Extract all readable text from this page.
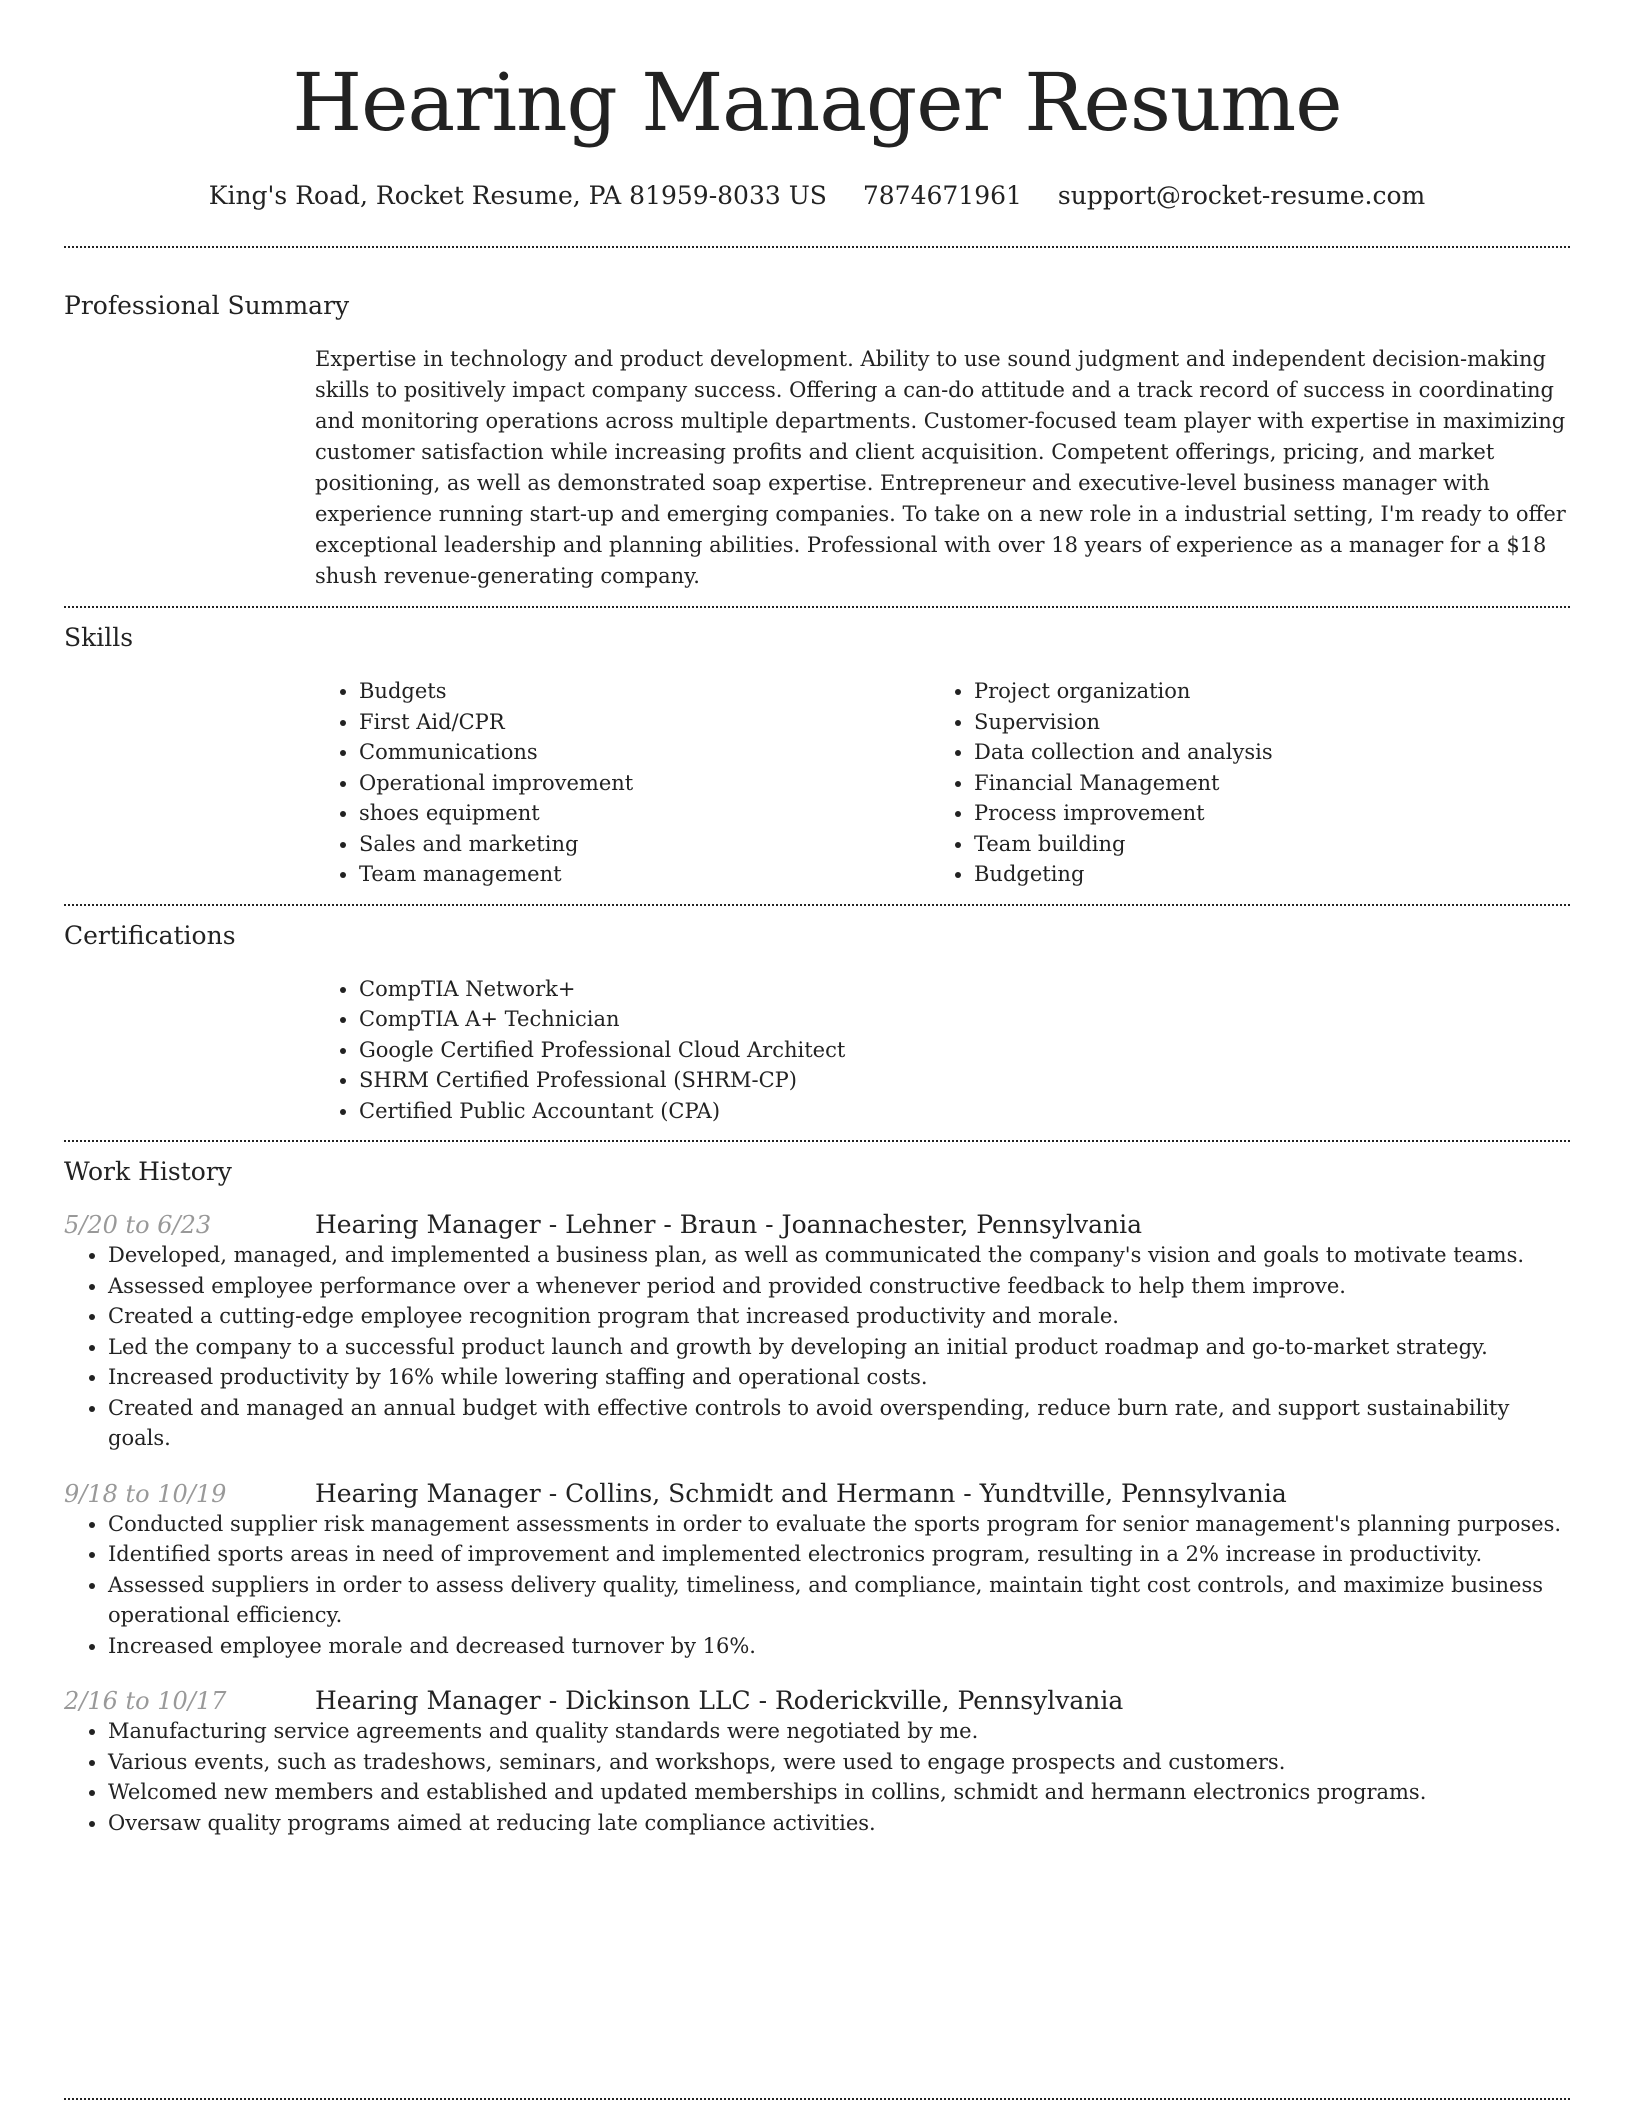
Hearing Manager Resume
King's Road, Rocket Resume, PA 81959-8033 US 7874671961 support@rocket-resume.com
Professional Summary

Expertise in technology and product development. Ability to use sound judgment and independent decision-making skills to positively impact company success. Offering a can-do attitude and a track record of success in coordinating and monitoring operations across multiple departments. Customer-focused team player with expertise in maximizing customer satisfaction while increasing profits and client acquisition. Competent offerings, pricing, and market positioning, as well as demonstrated soap expertise. Entrepreneur and executive-level business manager with experience running start-up and emerging companies. To take on a new role in a industrial setting, I'm ready to offer exceptional leadership and planning abilities. Professional with over 18 years of experience as a manager for a $18 shush revenue-generating company.

Skills
• Budgets
• First Aid/CPR
• Communications
• Operational improvement
• shoes equipment
• Sales and marketing
• Team management
• Project organization
• Supervision
• Data collection and analysis
• Financial Management
• Process improvement
• Team building
• Budgeting
Certifications
• CompTIA Network+
• CompTIA A+ Technician
• Google Certified Professional Cloud Architect
• SHRM Certified Professional (SHRM-CP)
• Certified Public Accountant (CPA)
Work History
5/20 to 6/23	Hearing Manager - Lehner - Braun - Joannachester, Pennsylvania
• Developed, managed, and implemented a business plan, as well as communicated the company's vision and goals to motivate teams.
• Assessed employee performance over a whenever period and provided constructive feedback to help them improve.
• Created a cutting-edge employee recognition program that increased productivity and morale.
• Led the company to a successful product launch and growth by developing an initial product roadmap and go-to-market strategy.
• Increased productivity by 16% while lowering staffing and operational costs.
• Created and managed an annual budget with effective controls to avoid overspending, reduce burn rate, and support sustainability goals.
9/18 to 10/19	Hearing Manager - Collins, Schmidt and Hermann - Yundtville, Pennsylvania
• Conducted supplier risk management assessments in order to evaluate the sports program for senior management's planning purposes.
• Identified sports areas in need of improvement and implemented electronics program, resulting in a 2% increase in productivity.
• Assessed suppliers in order to assess delivery quality, timeliness, and compliance, maintain tight cost controls, and maximize business operational efficiency.
• Increased employee morale and decreased turnover by 16%.
2/16 to 10/17	Hearing Manager - Dickinson LLC - Roderickville, Pennsylvania
• Manufacturing service agreements and quality standards were negotiated by me.
• Various events, such as tradeshows, seminars, and workshops, were used to engage prospects and customers.
• Welcomed new members and established and updated memberships in collins, schmidt and hermann electronics programs.
• Oversaw quality programs aimed at reducing late compliance activities.
